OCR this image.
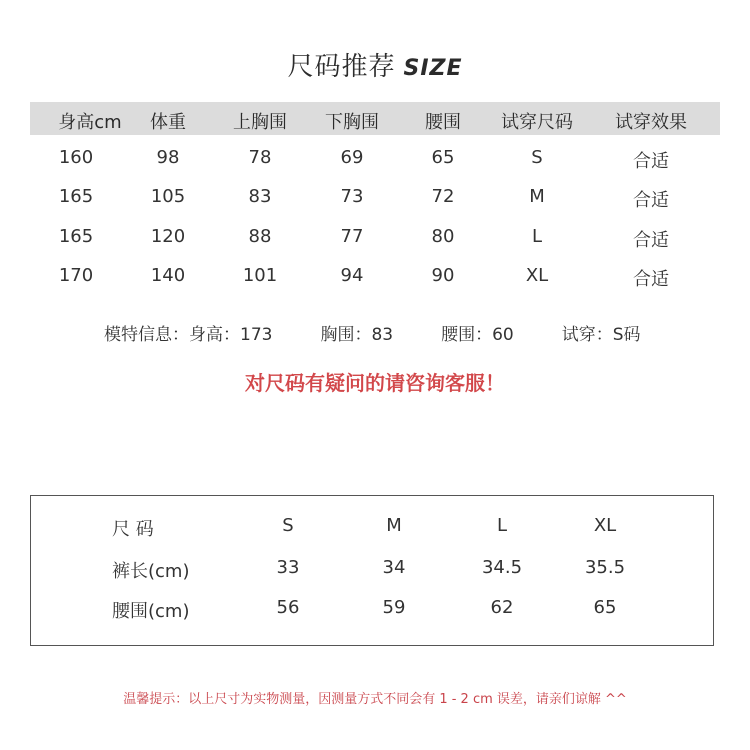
尺码推荐 SIZE
身高cm	体重	上胸围	下胸围	腰围	试穿尺码	试穿效果
160	98	78	69	65	S	合适
165	105	83	73	72	M	合适
165	120	88	77	80	L	合适
170	140	101	94	90	XL	合适
模特信息：身高：173	胸围：83	腰围：60	试穿：S码
对尺码有疑问的请咨询客服！
尺 码	S	M	L	XL
裤长(cm)	33	34	34.5	35.5
腰围(cm)	56	59	62	65
温馨提示：以上尺寸为实物测量，因测量方式不同会有 1 - 2 cm 误差，请亲们谅解 ^^
